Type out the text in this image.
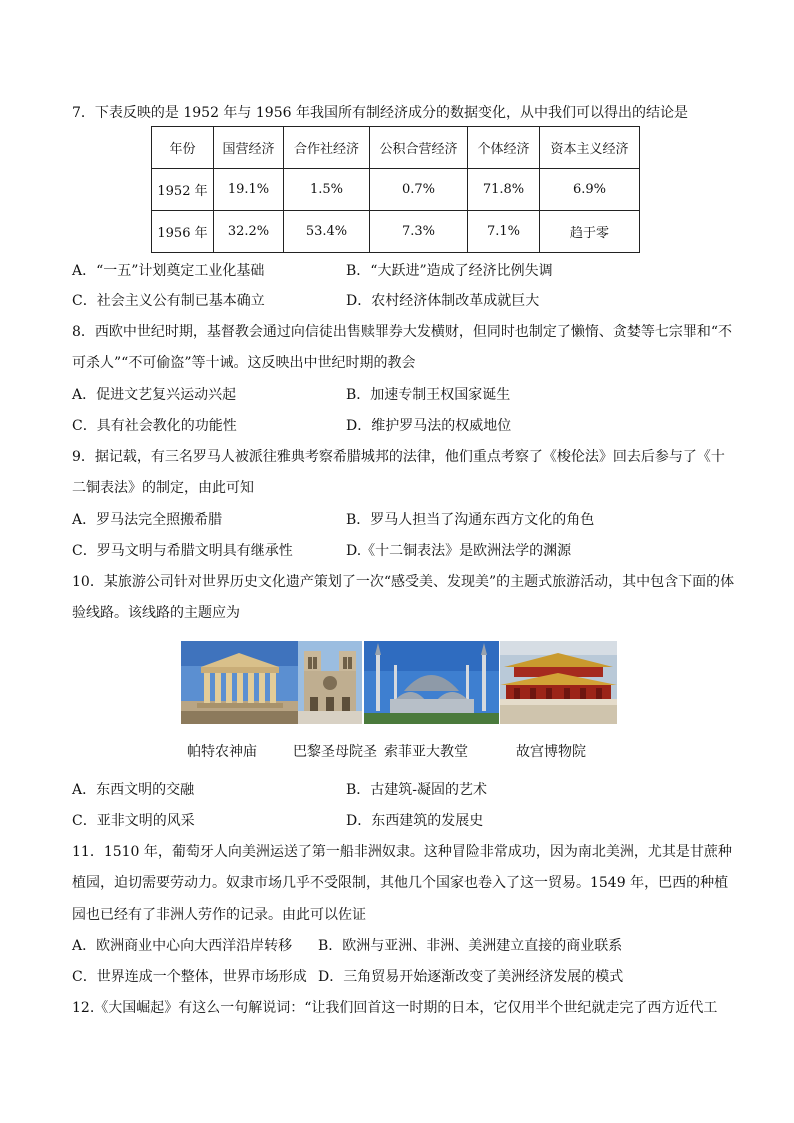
7．下表反映的是 1952 年与 1956 年我国所有制经济成分的数据变化，从中我们可以得出的结论是
年份	国营经济	合作社经济	公积合营经济	个体经济	资本主义经济
1952 年	19.1%	1.5%	0.7%	71.8%	6.9%
1956 年	32.2%	53.4%	7.3%	7.1%	趋于零
A．“一五”计划奠定工业化基础	B．“大跃进”造成了经济比例失调
C．社会主义公有制已基本确立	D．农村经济体制改革成就巨大
8．西欧中世纪时期，基督教会通过向信徒出售赎罪券大发横财，但同时也制定了懒惰、贪婪等七宗罪和“不
可杀人”“不可偷盗”等十诫。这反映出中世纪时期的教会
A．促进文艺复兴运动兴起	B．加速专制王权国家诞生
C．具有社会教化的功能性	D．维护罗马法的权威地位
9．据记载，有三名罗马人被派往雅典考察希腊城邦的法律，他们重点考察了《梭伦法》回去后参与了《十
二铜表法》的制定，由此可知
A．罗马法完全照搬希腊	B．罗马人担当了沟通东西方文化的角色
C．罗马文明与希腊文明具有继承性	D.《十二铜表法》是欧洲法学的渊源
10．某旅游公司针对世界历史文化遗产策划了一次“感受美、发现美”的主题式旅游活动，其中包含下面的体
验线路。该线路的主题应为
帕特农神庙	巴黎圣母院圣 索菲亚大教堂	故宫博物院
A．东西文明的交融	B．古建筑-凝固的艺术
C．亚非文明的风采	D．东西建筑的发展史
11．1510 年，葡萄牙人向美洲运送了第一船非洲奴隶。这种冒险非常成功，因为南北美洲，尤其是甘蔗种
植园，迫切需要劳动力。奴隶市场几乎不受限制，其他几个国家也卷入了这一贸易。1549 年，巴西的种植
园也已经有了非洲人劳作的记录。由此可以佐证
A．欧洲商业中心向大西洋沿岸转移 B．欧洲与亚洲、非洲、美洲建立直接的商业联系
C．世界连成一个整体，世界市场形成 D．三角贸易开始逐渐改变了美洲经济发展的模式
12.《大国崛起》有这么一句解说词：“让我们回首这一时期的日本，它仅用半个世纪就走完了西方近代工
